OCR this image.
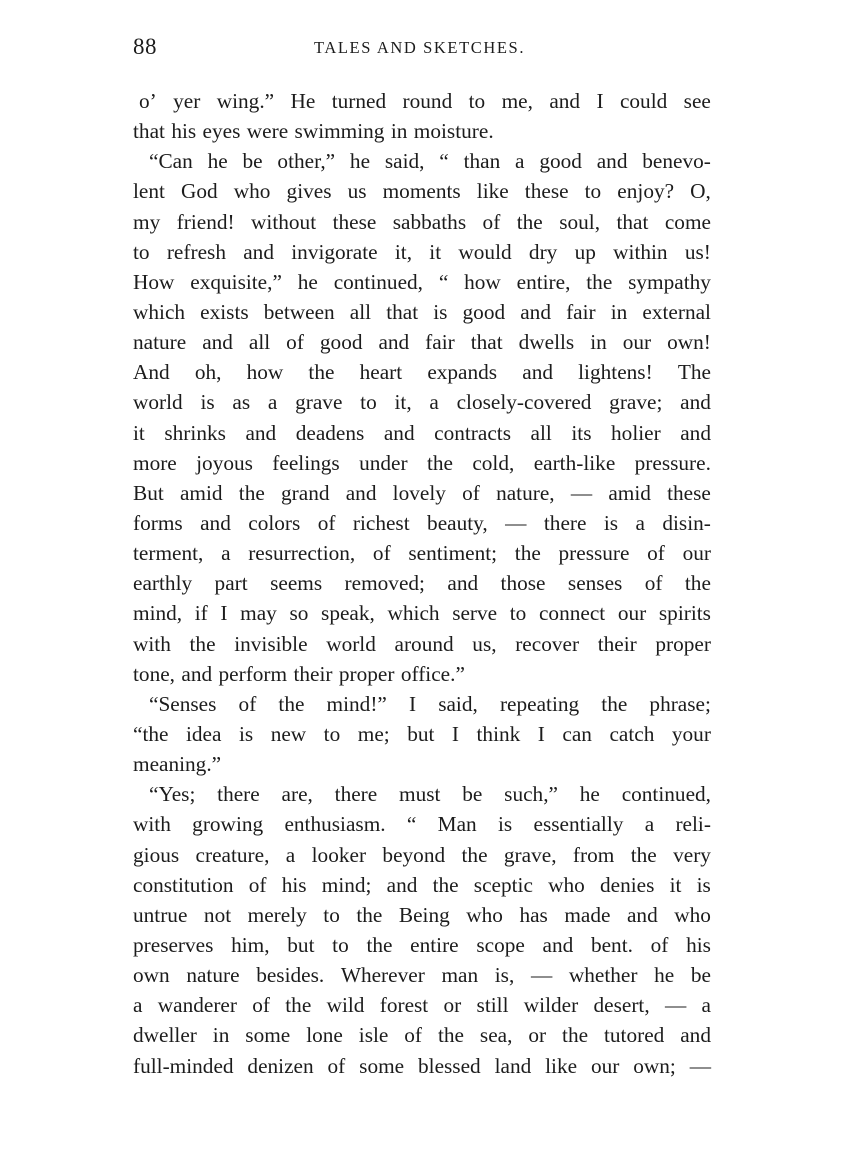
88	TALES AND SKETCHES.
o’ yer wing.” He turned round to me, and I could see
that his eyes were swimming in moisture.
“Can he be other,” he said, “ than a good and benevo-
lent God who gives us moments like these to enjoy? O,
my friend! without these sabbaths of the soul, that come
to refresh and invigorate it, it would dry up within us!
How exquisite,” he continued, “ how entire, the sympathy
which exists between all that is good and fair in external
nature and all of good and fair that dwells in our own!
And oh, how the heart expands and lightens! The
world is as a grave to it, a closely-covered grave; and
it shrinks and deadens and contracts all its holier and
more joyous feelings under the cold, earth-like pressure.
But amid the grand and lovely of nature, — amid these
forms and colors of richest beauty, — there is a disin-
terment, a resurrection, of sentiment; the pressure of our
earthly part seems removed; and those senses of the
mind, if I may so speak, which serve to connect our spirits
with the invisible world around us, recover their proper
tone, and perform their proper office.”
“Senses of the mind!” I said, repeating the phrase;
“the idea is new to me; but I think I can catch your
meaning.”
“Yes; there are, there must be such,” he continued,
with growing enthusiasm. “ Man is essentially a reli-
gious creature, a looker beyond the grave, from the very
constitution of his mind; and the sceptic who denies it is
untrue not merely to the Being who has made and who
preserves him, but to the entire scope and bent. of his
own nature besides. Wherever man is, — whether he be
a wanderer of the wild forest or still wilder desert, — a
dweller in some lone isle of the sea, or the tutored and
full-minded denizen of some blessed land like our own; —
